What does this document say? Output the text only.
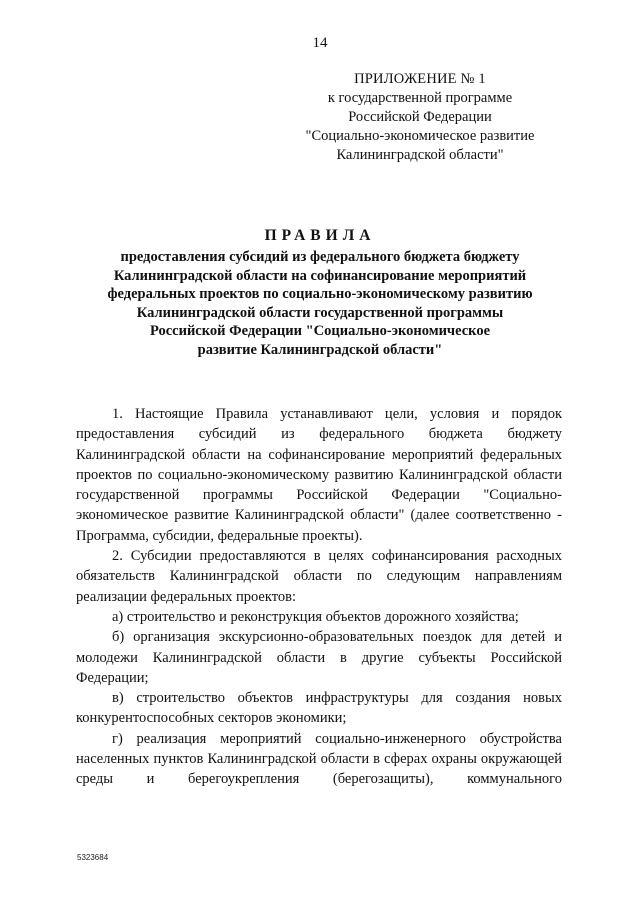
14
ПРИЛОЖЕНИЕ № 1
к государственной программе
Российской Федерации
"Социально-экономическое развитие
Калининградской области"
ПРАВИЛА
предоставления субсидий из федерального бюджета бюджету
Калининградской области на софинансирование мероприятий
федеральных проектов по социально-экономическому развитию
Калининградской области государственной программы
Российской Федерации "Социально-экономическое
развитие Калининградской области"

1. Настоящие Правила устанавливают цели, условия и порядок предоставления субсидий из федерального бюджета бюджету Калининградской области на софинансирование мероприятий федеральных проектов по социально-экономическому развитию Калининградской области государственной программы Российской Федерации "Социально-экономическое развитие Калининградской области" (далее соответственно - Программа, субсидии, федеральные проекты).

2. Субсидии предоставляются в целях софинансирования расходных обязательств Калининградской области по следующим направлениям реализации федеральных проектов:

а) строительство и реконструкция объектов дорожного хозяйства;

б) организация экскурсионно-образовательных поездок для детей и молодежи Калининградской области в другие субъекты Российской Федерации;

в) строительство объектов инфраструктуры для создания новых конкурентоспособных секторов экономики;

г) реализация мероприятий социально-инженерного обустройства населенных пунктов Калининградской области в сферах охраны окружающей среды и берегоукрепления (берегозащиты), коммунального

5323684
